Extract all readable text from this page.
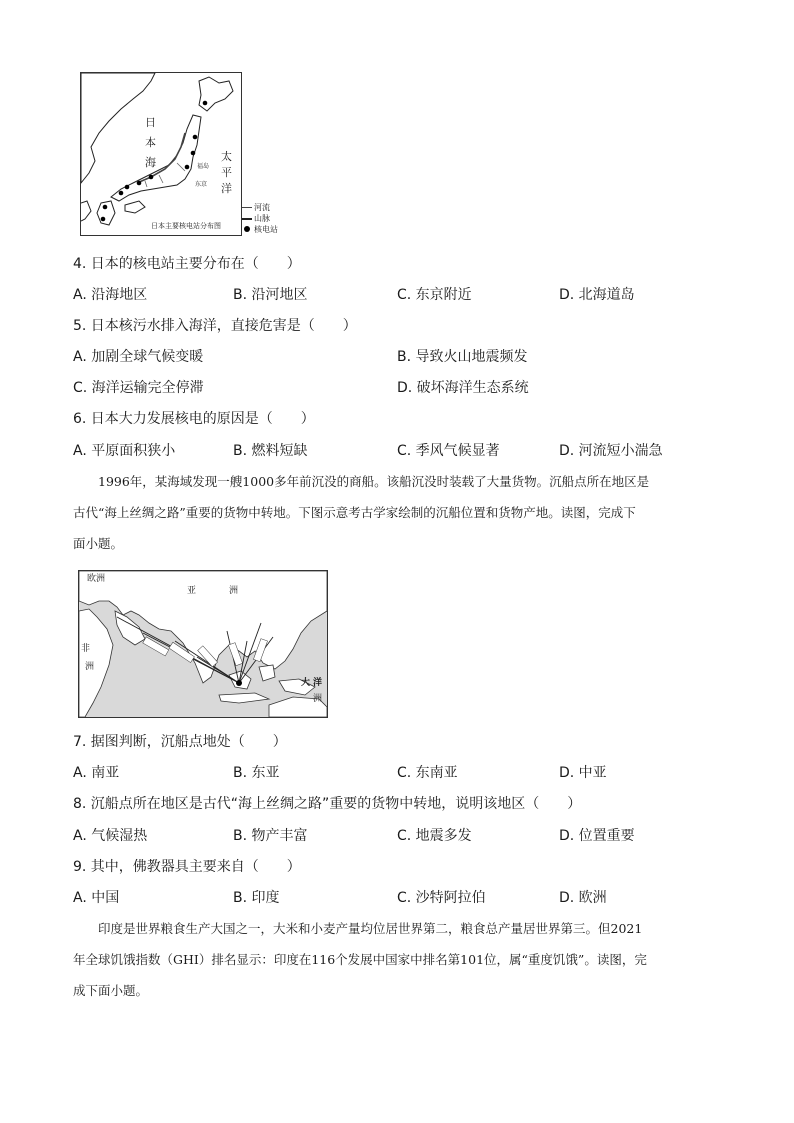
日本海	太平洋
福岛
东京
日本主要核电站分布图
河流
山脉
核电站
4. 日本的核电站主要分布在（　　）
A. 沿海地区	B. 沿河地区	C. 东京附近	D. 北海道岛
5. 日本核污水排入海洋，直接危害是（　　）
A. 加剧全球气候变暖	B. 导致火山地震频发
C. 海洋运输完全停滞	D. 破坏海洋生态系统
6. 日本大力发展核电的原因是（　　）
A. 平原面积狭小	B. 燃料短缺	C. 季风气候显著	D. 河流短小湍急
1996年，某海域发现一艘1000多年前沉没的商船。该船沉没时装载了大量货物。沉船点所在地区是
古代“海上丝绸之路”重要的货物中转地。下图示意考古学家绘制的沉船位置和货物产地。读图，完成下
面小题。
欧洲
亚	洲
非
洲
大 洋
洲
7. 据图判断，沉船点地处（　　）
A. 南亚	B. 东亚	C. 东南亚	D. 中亚
8. 沉船点所在地区是古代“海上丝绸之路”重要的货物中转地，说明该地区（　　）
A. 气候湿热	B. 物产丰富	C. 地震多发	D. 位置重要
9. 其中，佛教器具主要来自（　　）
A. 中国	B. 印度	C. 沙特阿拉伯	D. 欧洲
印度是世界粮食生产大国之一，大米和小麦产量均位居世界第二，粮食总产量居世界第三。但2021
年全球饥饿指数（GHI）排名显示：印度在116个发展中国家中排名第101位，属“重度饥饿”。读图，完
成下面小题。
